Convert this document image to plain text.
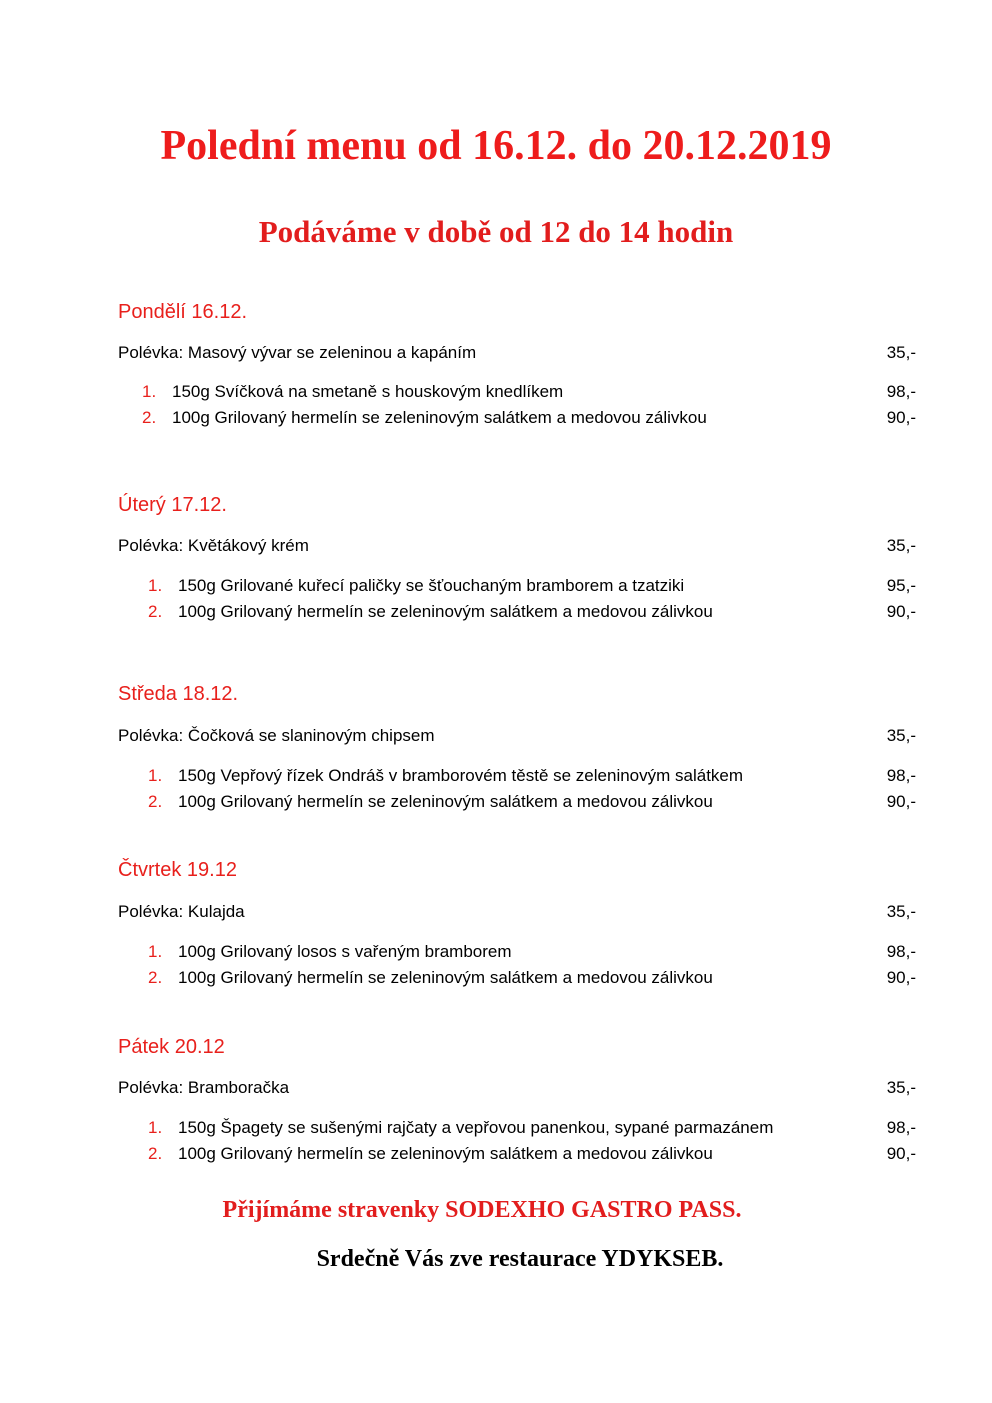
Polední menu od 16.12. do 20.12.2019
Podáváme v době od 12 do 14 hodin
Pondělí 16.12.
Polévka: Masový vývar se zeleninou a kapáním	35,-
1. 150g Svíčková na smetaně s houskovým knedlíkem	98,-
2. 100g Grilovaný hermelín se zeleninovým salátkem a medovou zálivkou	90,-
Úterý 17.12.
Polévka: Květákový krém	35,-
1. 150g Grilované kuřecí paličky se šťouchaným bramborem a tzatziki	95,-
2. 100g Grilovaný hermelín se zeleninovým salátkem a medovou zálivkou	90,-
Středa 18.12.
Polévka: Čočková se slaninovým chipsem	35,-
1. 150g Vepřový řízek Ondráš v bramborovém těstě se zeleninovým salátkem	98,-
2. 100g Grilovaný hermelín se zeleninovým salátkem a medovou zálivkou	90,-
Čtvrtek 19.12
Polévka: Kulajda	35,-
1. 100g Grilovaný losos s vařeným bramborem	98,-
2. 100g Grilovaný hermelín se zeleninovým salátkem a medovou zálivkou	90,-
Pátek 20.12
Polévka: Bramboračka	35,-
1. 150g Špagety se sušenými rajčaty a vepřovou panenkou, sypané parmazánem	98,-
2. 100g Grilovaný hermelín se zeleninovým salátkem a medovou zálivkou	90,-

Přijímáme stravenky SODEXHO GASTRO PASS.

Srdečně Vás zve restaurace YDYKSEB.
